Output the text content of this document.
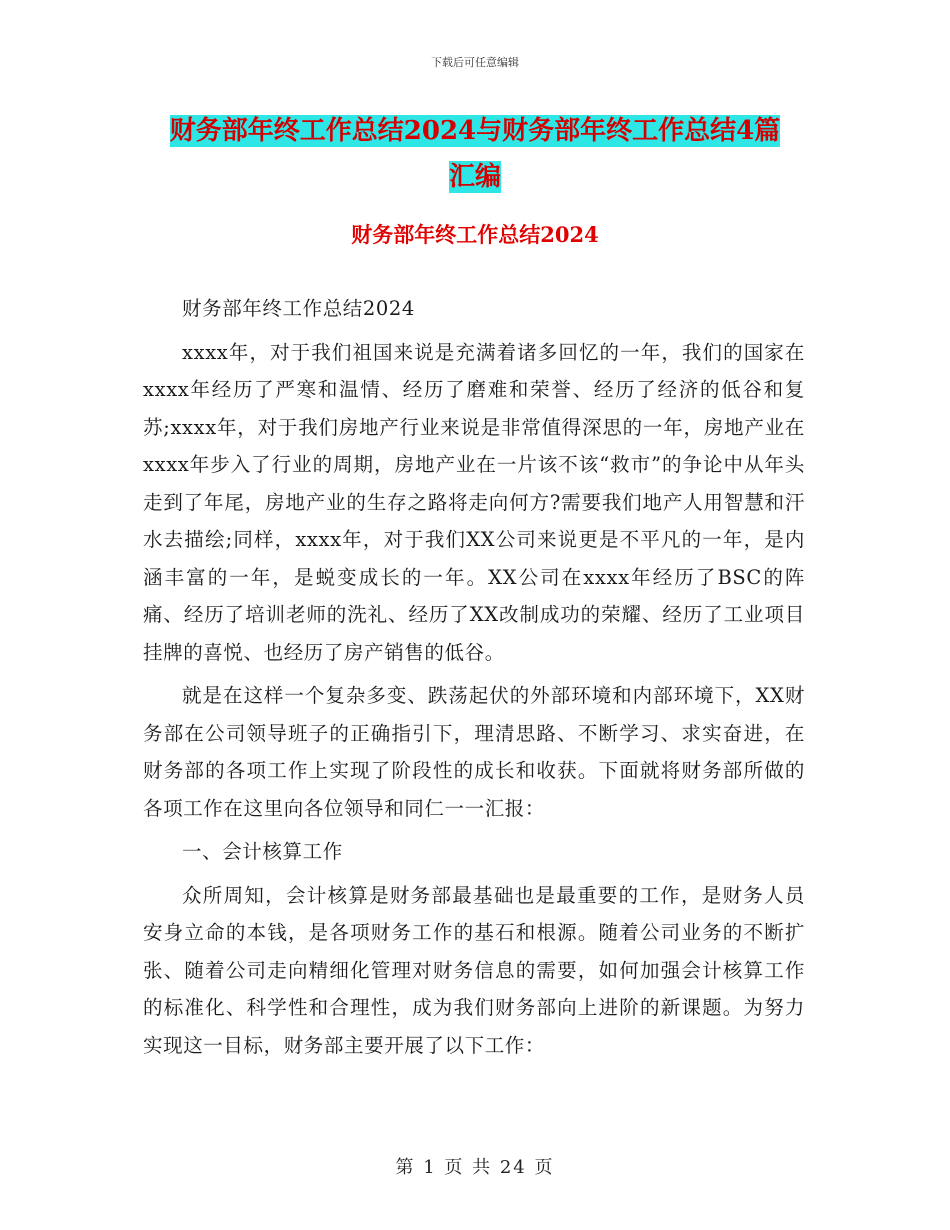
下载后可任意编辑
财务部年终工作总结2024与财务部年终工作总结4篇
汇编
财务部年终工作总结2024

财务部年终工作总结2024

xxxx年，对于我们祖国来说是充满着诸多回忆的一年，我们的国家在xxxx年经历了严寒和温情、经历了磨难和荣誉、经历了经济的低谷和复苏;xxxx年，对于我们房地产行业来说是非常值得深思的一年，房地产业在xxxx年步入了行业的周期，房地产业在一片该不该“救市”的争论中从年头走到了年尾，房地产业的生存之路将走向何方?需要我们地产人用智慧和汗水去描绘;同样，xxxx年，对于我们XX公司来说更是不平凡的一年，是内涵丰富的一年，是蜕变成长的一年。XX公司在xxxx年经历了BSC的阵痛、经历了培训老师的洗礼、经历了XX改制成功的荣耀、经历了工业项目挂牌的喜悦、也经历了房产销售的低谷。

就是在这样一个复杂多变、跌荡起伏的外部环境和内部环境下，XX财务部在公司领导班子的正确指引下，理清思路、不断学习、求实奋进，在财务部的各项工作上实现了阶段性的成长和收获。下面就将财务部所做的各项工作在这里向各位领导和同仁一一汇报：

一、会计核算工作

众所周知，会计核算是财务部最基础也是最重要的工作，是财务人员安身立命的本钱，是各项财务工作的基石和根源。随着公司业务的不断扩张、随着公司走向精细化管理对财务信息的需要，如何加强会计核算工作的标准化、科学性和合理性，成为我们财务部向上进阶的新课题。为努力实现这一目标，财务部主要开展了以下工作：

第 1 页 共 24 页
